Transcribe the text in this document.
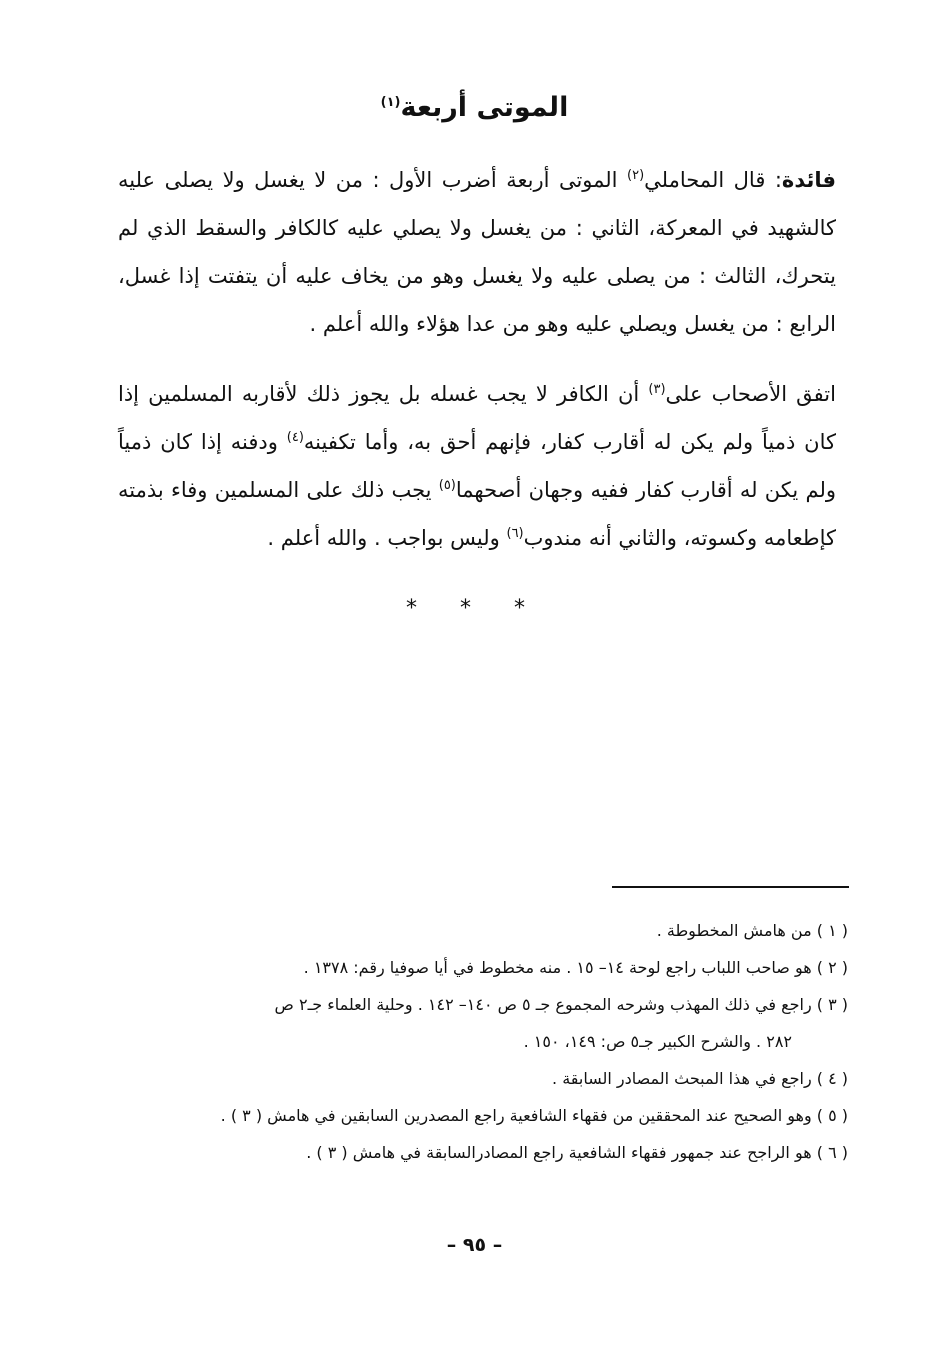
الموتى أربعة$^{(١)}$
فائدة: قال المحاملي$^{(٢)}$ الموتى أربعة أضرب الأول : من لا يغسل ولا يصلى عليه كالشهيد في المعركة، الثاني : من يغسل ولا يصلي عليه كالكافر والسقط الذي لم يتحرك، الثالث : من يصلى عليه ولا يغسل وهو من يخاف عليه أن يتفتت إذا غسل، الرابع : من يغسل ويصلي عليه وهو من عدا هؤلاء والله أعلم .
اتفق الأصحاب على$^{(٣)}$ أن الكافر لا يجب غسله بل يجوز ذلك لأقاربه المسلمين إذا كان ذمياً ولم يكن له أقارب كفار، فإنهم أحق به، وأما تكفينه$^{(٤)}$ ودفنه إذا كان ذمياً ولم يكن له أقارب كفار ففيه وجهان أصحهما$^{(٥)}$ يجب ذلك على المسلمين وفاء بذمته كإطعامه وكسوته، والثاني أنه مندوب$^{(٦)}$ وليس بواجب . والله أعلم .
* * *

( ١ ) من هامش المخطوطة .

( ٢ ) هو صاحب اللباب راجع لوحة ١٤– ١٥ . منه مخطوط في أيا صوفيا رقم: ١٣٧٨ .

( ٣ ) راجع في ذلك المهذب وشرحه المجموع جـ ٥ ص ١٤٠– ١٤٢ . وحلية العلماء جـ٢ ص

٢٨٢ . والشرح الكبير جـ٥ ص: ١٤٩، ١٥٠ .

( ٤ ) راجع في هذا المبحث المصادر السابقة .

( ٥ ) وهو الصحيح عند المحققين من فقهاء الشافعية راجع المصدرين السابقين في هامش ( ٣ ) .

( ٦ ) هو الراجح عند جمهور فقهاء الشافعية راجع المصادرالسابقة في هامش ( ٣ ) .

– ٩٥ –
